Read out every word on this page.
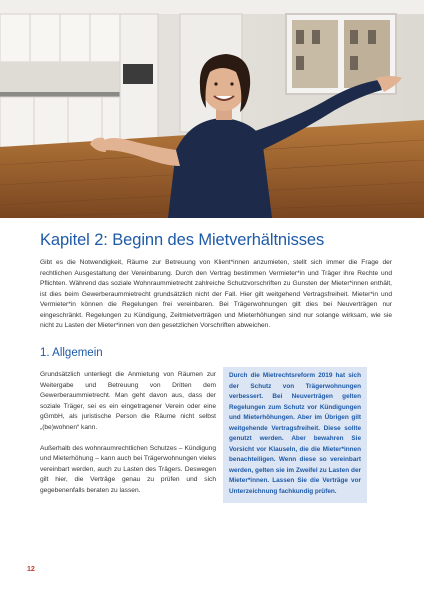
Kapitel 2: Beginn des Mietverhältnisses

Gibt es die Notwendigkeit, Räume zur Betreuung von Klient*innen anzumieten, stellt sich immer die Frage der rechtlichen Ausgestaltung der Vereinbarung. Durch den Vertrag bestimmen Vermieter*in und Träger ihre Rechte und Pflichten. Während das soziale Wohnraummietrecht zahlreiche Schutzvorschriften zu Gunsten der Mieter*innen enthält, ist dies beim Gewerberaummietrecht grundsätzlich nicht der Fall. Hier gilt weitgehend Vertragsfreiheit. Mieter*in und Vermieter*in können die Regelungen frei vereinbaren. Bei Trägerwohnungen gilt dies bei Neuverträgen nur eingeschränkt. Regelungen zu Kündigung, Zeitmietverträgen und Mieterhöhungen sind nur solange wirksam, wie sie nicht zu Lasten der Mieter*innen von den gesetzlichen Vorschriften abweichen.

1. Allgemein

Grundsätzlich unterliegt die Anmietung von Räumen zur Weitergabe und Betreuung von Dritten dem Gewerberaummietrecht. Man geht davon aus, dass der soziale Träger, sei es ein eingetragener Verein oder eine gGmbH, als juristische Person die Räume nicht selbst „(be)wohnen“ kann.

Außerhalb des wohnraumrechtlichen Schutzes – Kündigung und Mieterhöhung – kann auch bei Trägerwohnungen vieles vereinbart werden, auch zu Lasten des Trägers. Deswegen gilt hier, die Verträge genau zu prüfen und sich gegebenenfalls beraten zu lassen.

Durch die Mietrechtsreform 2019 hat sich der Schutz von Trägerwohnungen verbessert. Bei Neuverträgen gelten Regelungen zum Schutz vor Kündigungen und Mieterhöhungen. Aber im Übrigen gilt weitgehende Vertragsfreiheit. Diese sollte genutzt werden. Aber bewahren Sie Vorsicht vor Klauseln, die die Mieter*innen benachteiligen. Wenn diese so vereinbart werden, gelten sie im Zweifel zu Lasten der Mieter*innen. Lassen Sie die Verträge vor Unterzeichnung fachkundig prüfen.

12
